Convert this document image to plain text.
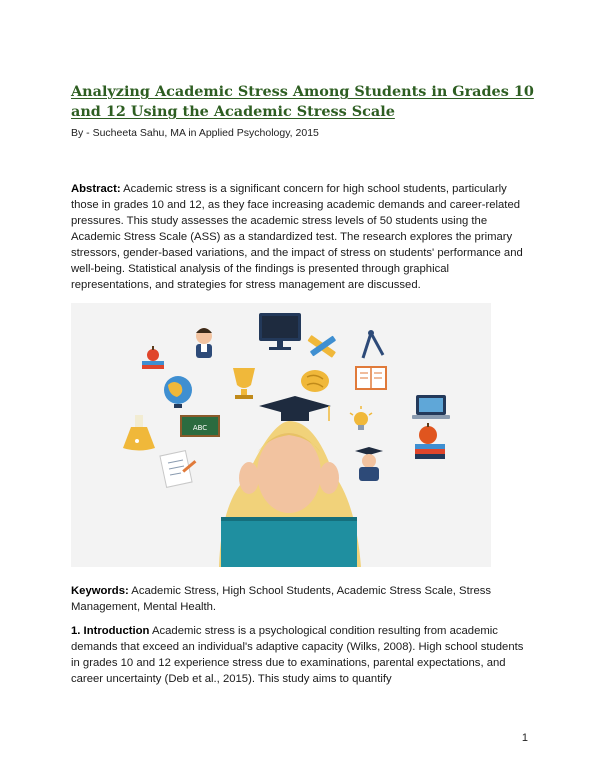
Analyzing Academic Stress Among Students in Grades 10 and 12 Using the Academic Stress Scale

By - Sucheeta Sahu, MA in Applied Psychology, 2015

Abstract: Academic stress is a significant concern for high school students, particularly those in grades 10 and 12, as they face increasing academic demands and career-related pressures. This study assesses the academic stress levels of 50 students using the Academic Stress Scale (ASS) as a standardized test. The research explores the primary stressors, gender-based variations, and the impact of stress on students' performance and well-being. Statistical analysis of the findings is presented through graphical representations, and strategies for stress management are discussed.

ABC

Keywords: Academic Stress, High School Students, Academic Stress Scale, Stress Management, Mental Health.

1. Introduction Academic stress is a psychological condition resulting from academic demands that exceed an individual's adaptive capacity (Wilks, 2008). High school students in grades 10 and 12 experience stress due to examinations, parental expectations, and career uncertainty (Deb et al., 2015). This study aims to quantify

1
